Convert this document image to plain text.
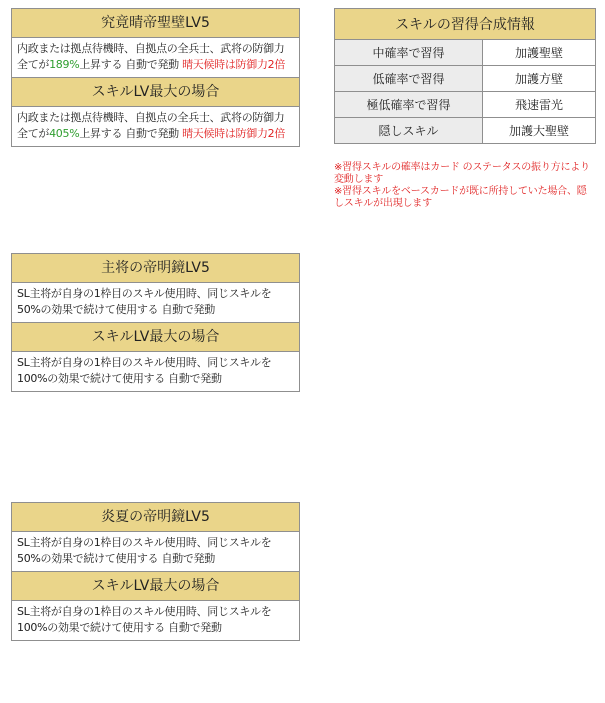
究竟晴帝聖壁LV5
内政または拠点待機時、自拠点の全兵士、武将の防御力全てが189%上昇する 自動で発動 晴天候時は防御力2倍
スキルLV最大の場合
内政または拠点待機時、自拠点の全兵士、武将の防御力全てが405%上昇する 自動で発動 晴天候時は防御力2倍
スキルの習得合成情報	
中確率で習得	加護聖壁
低確率で習得	加護方壁
極低確率で習得	飛速雷光
隠しスキル	加護大聖壁
※習得スキルの確率はカード のステータスの振り方により変動します
※習得スキルをベースカードが既に所持していた場合、隠しスキルが出現します
主将の帝明鏡LV5
SL主将が自身の1枠目のスキル使用時、同じスキルを50%の効果で続けて使用する 自動で発動
スキルLV最大の場合
SL主将が自身の1枠目のスキル使用時、同じスキルを100%の効果で続けて使用する 自動で発動
炎夏の帝明鏡LV5
SL主将が自身の1枠目のスキル使用時、同じスキルを50%の効果で続けて使用する 自動で発動
スキルLV最大の場合
SL主将が自身の1枠目のスキル使用時、同じスキルを100%の効果で続けて使用する 自動で発動
